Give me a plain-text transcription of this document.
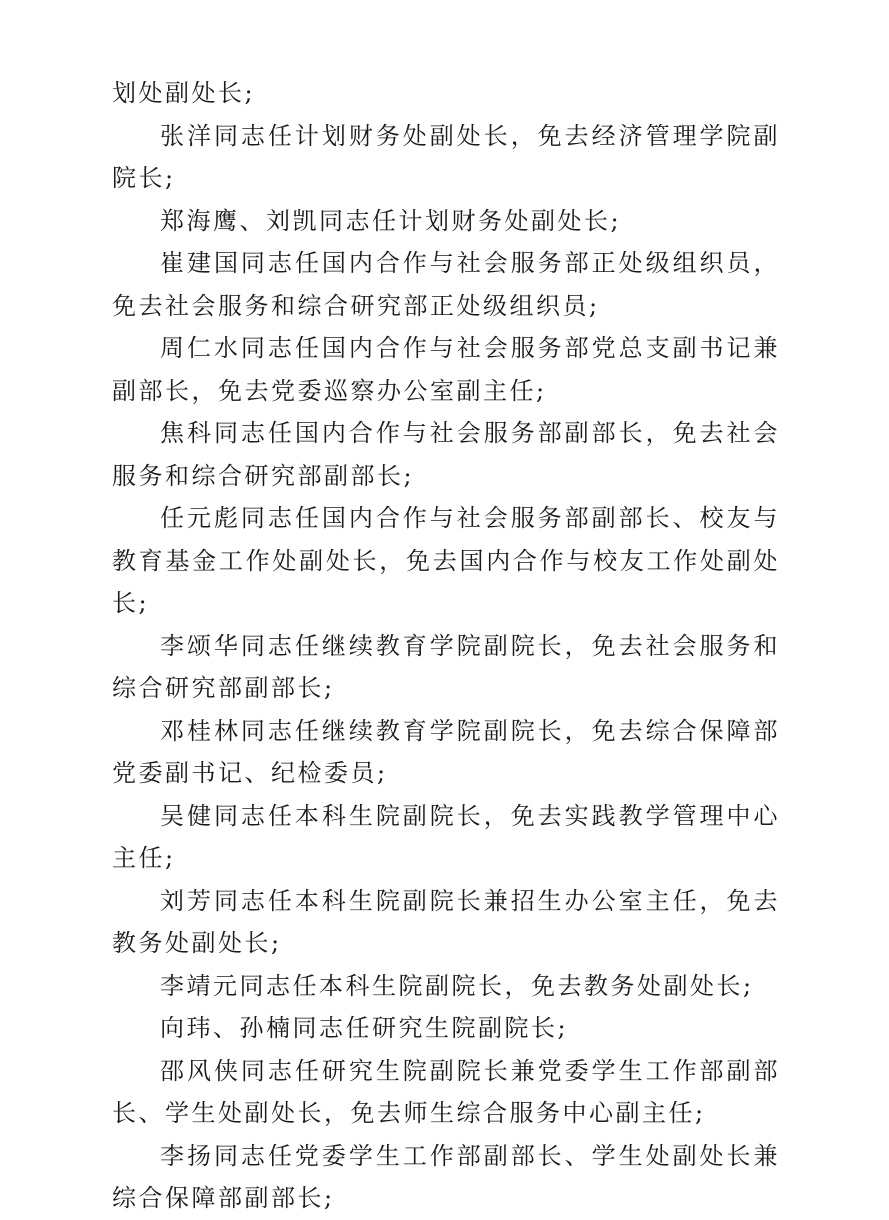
划处副处长;

张洋同志任计划财务处副处长，免去经济管理学院副院长;

郑海鹰、刘凯同志任计划财务处副处长;

崔建国同志任国内合作与社会服务部正处级组织员，免去社会服务和综合研究部正处级组织员;

周仁水同志任国内合作与社会服务部党总支副书记兼副部长，免去党委巡察办公室副主任;

焦科同志任国内合作与社会服务部副部长，免去社会服务和综合研究部副部长;

任元彪同志任国内合作与社会服务部副部长、校友与教育基金工作处副处长，免去国内合作与校友工作处副处长;

李颂华同志任继续教育学院副院长，免去社会服务和综合研究部副部长;

邓桂林同志任继续教育学院副院长，免去综合保障部党委副书记、纪检委员;

吴健同志任本科生院副院长，免去实践教学管理中心主任;

刘芳同志任本科生院副院长兼招生办公室主任，免去教务处副处长;

李靖元同志任本科生院副院长，免去教务处副处长;

向玮、孙楠同志任研究生院副院长;

邵风侠同志任研究生院副院长兼党委学生工作部副部长、学生处副处长，免去师生综合服务中心副主任;

李扬同志任党委学生工作部副部长、学生处副处长兼综合保障部副部长;
